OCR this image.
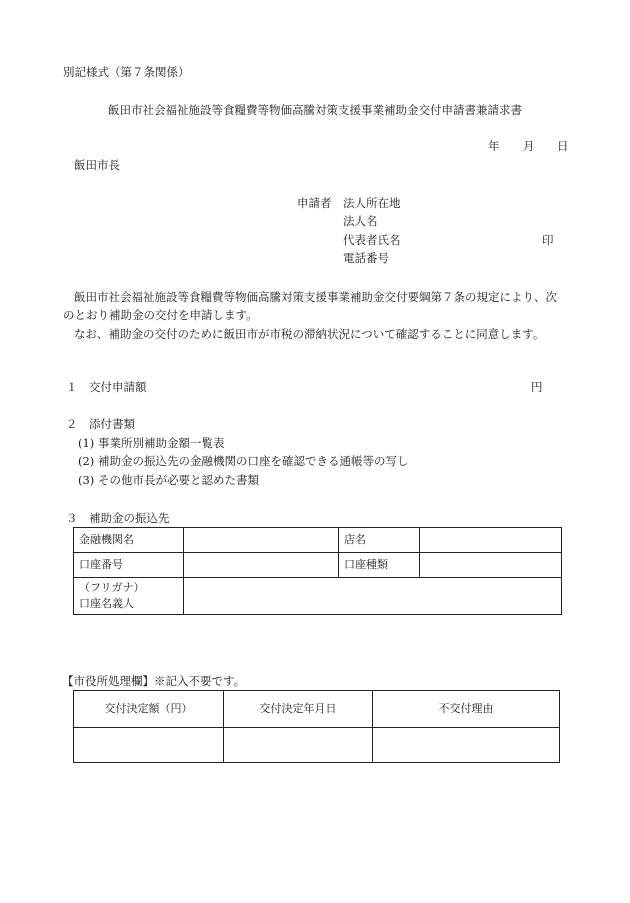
別記様式（第７条関係）
飯田市社会福祉施設等食糧費等物価高騰対策支援事業補助金交付申請書兼請求書
年 月 日
飯田市長
申請者 法人所在地
法人名
代表者氏名	印
電話番号
飯田市社会福祉施設等食糧費等物価高騰対策支援事業補助金交付要綱第７条の規定により、次
のとおり補助金の交付を申請します。
なお、補助金の交付のために飯田市が市税の滞納状況について確認することに同意します。
１　交付申請額	円
２　添付書類
(1) 事業所別補助金額一覧表
(2) 補助金の振込先の金融機関の口座を確認できる通帳等の写し
(3) その他市長が必要と認めた書類
３　補助金の振込先
金融機関名		店名	
口座番号		口座種類	

（フリガナ）
口座名義人			

【市役所処理欄】※記入不要です。
交付決定額（円）	交付決定年月日	不交付理由
